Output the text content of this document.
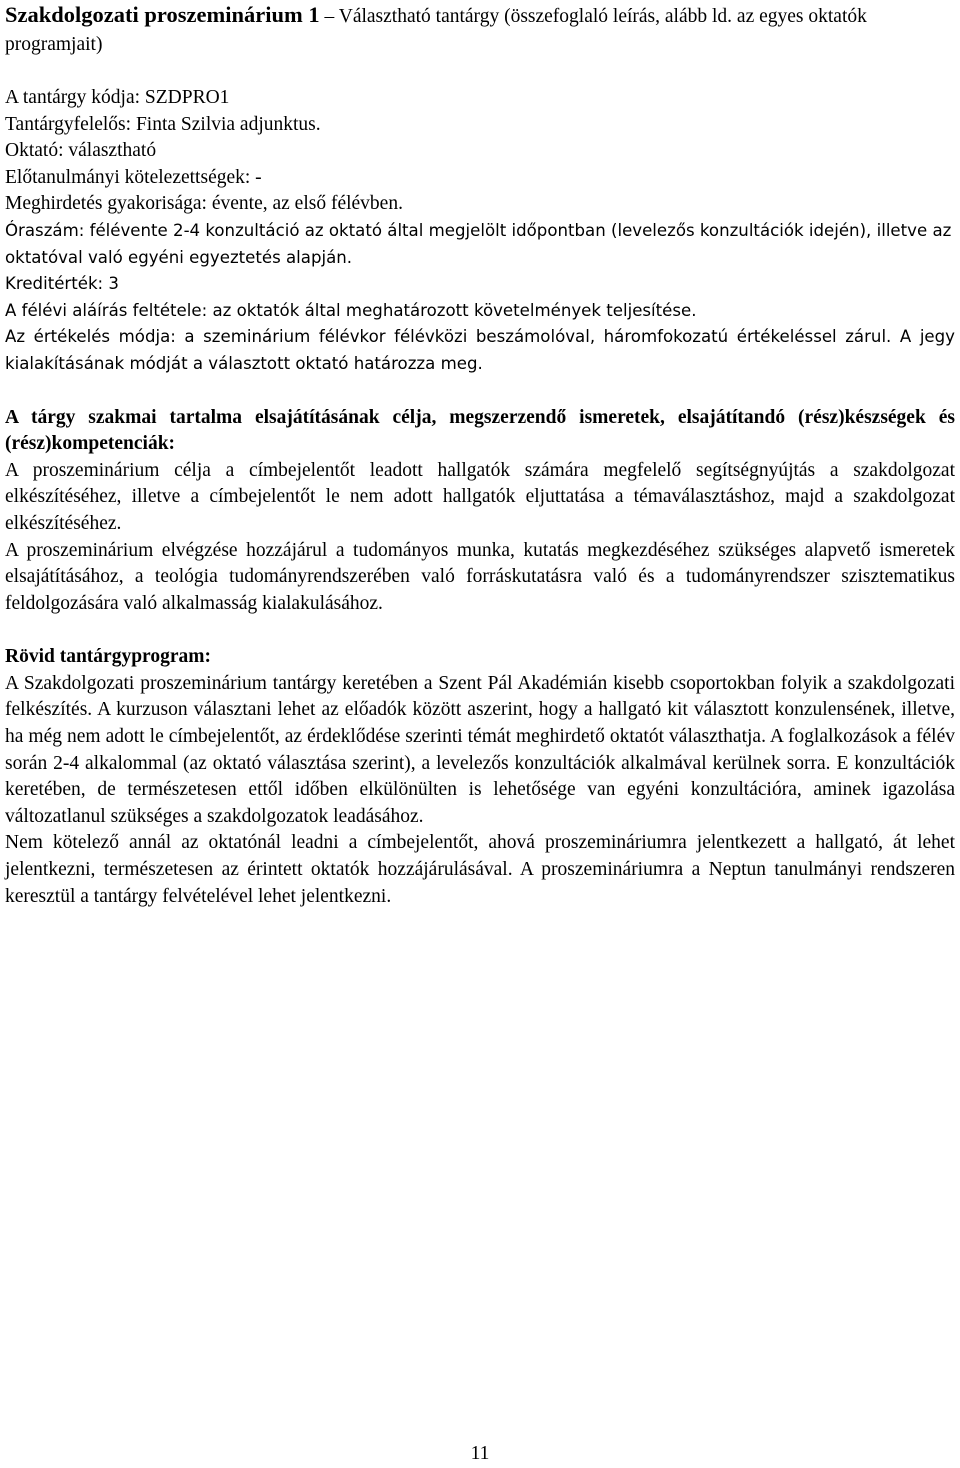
Szakdolgozati proszeminárium 1 – Választható tantárgy (összefoglaló leírás, alább ld. az egyes oktatók programjait)

A tantárgy kódja: SZDPRO1

Tantárgyfelelős: Finta Szilvia adjunktus.

Oktató: választható

Előtanulmányi kötelezettségek: -

Meghirdetés gyakorisága: évente, az első félévben.

Óraszám: félévente 2-4 konzultáció az oktató által megjelölt időpontban (levelezős konzultációk idején), illetve az oktatóval való egyéni egyeztetés alapján.

Kreditérték: 3

A félévi aláírás feltétele: az oktatók által meghatározott követelmények teljesítése.

Az értékelés módja: a szeminárium félévkor félévközi beszámolóval, háromfokozatú értékeléssel zárul. A jegy kialakításának módját a választott oktató határozza meg.

A tárgy szakmai tartalma elsajátításának célja, megszerzendő ismeretek, elsajátítandó (rész)készségek és (rész)kompetenciák:

A proszeminárium célja a címbejelentőt leadott hallgatók számára megfelelő segítségnyújtás a szakdolgozat elkészítéséhez, illetve a címbejelentőt le nem adott hallgatók eljuttatása a témaválasztáshoz, majd a szakdolgozat elkészítéséhez.

A proszeminárium elvégzése hozzájárul a tudományos munka, kutatás megkezdéséhez szükséges alapvető ismeretek elsajátításához, a teológia tudományrendszerében való forráskutatásra való és a tudományrendszer szisztematikus feldolgozására való alkalmasság kialakulásához.

Rövid tantárgyprogram:

A Szakdolgozati proszeminárium tantárgy keretében a Szent Pál Akadémián kisebb csoportokban folyik a szakdolgozati felkészítés. A kurzuson választani lehet az előadók között aszerint, hogy a hallgató kit választott konzulensének, illetve, ha még nem adott le címbejelentőt, az érdeklődése szerinti témát meghirdető oktatót választhatja. A foglalkozások a félév során 2-4 alkalommal (az oktató választása szerint), a levelezős konzultációk alkalmával kerülnek sorra. E konzultációk keretében, de természetesen ettől időben elkülönülten is lehetősége van egyéni konzultációra, aminek igazolása változatlanul szükséges a szakdolgozatok leadásához.

Nem kötelező annál az oktatónál leadni a címbejelentőt, ahová proszemináriumra jelentkezett a hallgató, át lehet jelentkezni, természetesen az érintett oktatók hozzájárulásával. A proszemináriumra a Neptun tanulmányi rendszeren keresztül a tantárgy felvételével lehet jelentkezni.

11
